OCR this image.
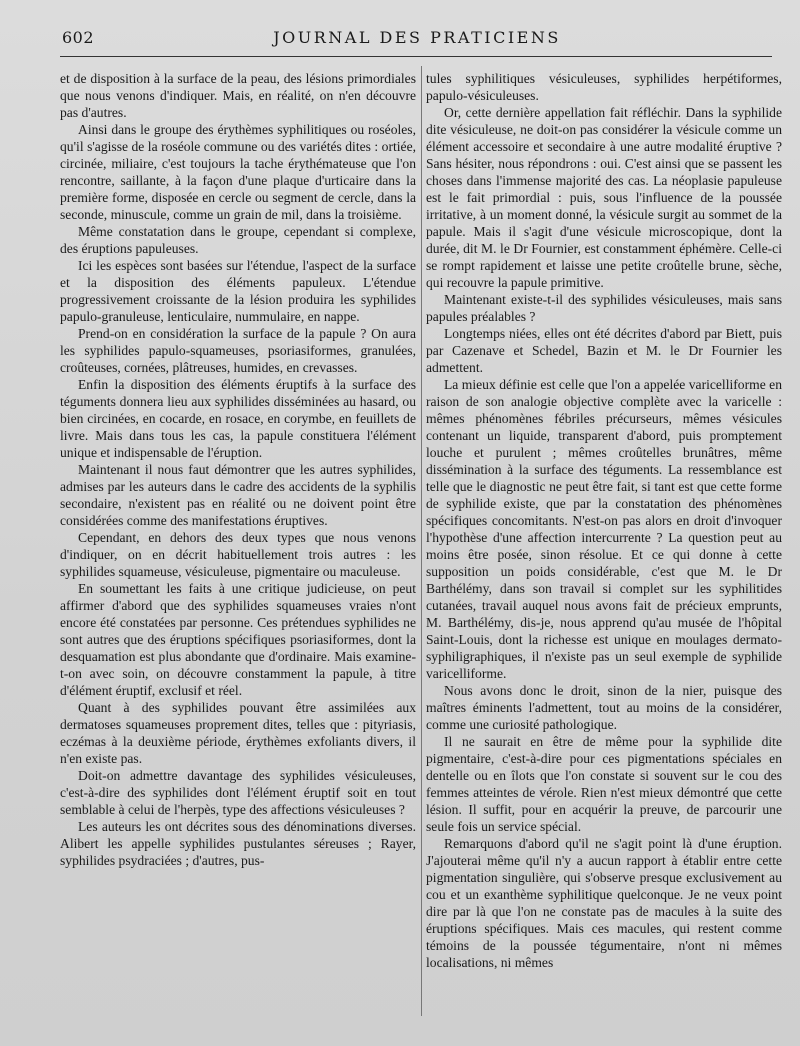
602	JOURNAL DES PRATICIENS

et de disposition à la surface de la peau, des lésions primordiales que nous venons d'indiquer. Mais, en réalité, on n'en découvre pas d'autres.

Ainsi dans le groupe des érythèmes syphilitiques ou roséoles, qu'il s'agisse de la roséole commune ou des variétés dites : ortiée, circinée, miliaire, c'est toujours la tache érythémateuse que l'on rencontre, saillante, à la façon d'une plaque d'urticaire dans la première forme, disposée en cercle ou segment de cercle, dans la seconde, minuscule, comme un grain de mil, dans la troisième.

Même constatation dans le groupe, cependant si complexe, des éruptions papuleuses.

Ici les espèces sont basées sur l'étendue, l'aspect de la surface et la disposition des éléments papuleux. L'étendue progressivement croissante de la lésion produira les syphilides papulo-granuleuse, lenticulaire, nummulaire, en nappe.

Prend-on en considération la surface de la papule ? On aura les syphilides papulo-squameuses, psoriasiformes, granulées, croûteuses, cornées, plâtreuses, humides, en crevasses.

Enfin la disposition des éléments éruptifs à la surface des téguments donnera lieu aux syphilides disséminées au hasard, ou bien circinées, en cocarde, en rosace, en corymbe, en feuillets de livre. Mais dans tous les cas, la papule constituera l'élément unique et indispensable de l'éruption.

Maintenant il nous faut démontrer que les autres syphilides, admises par les auteurs dans le cadre des accidents de la syphilis secondaire, n'existent pas en réalité ou ne doivent point être considérées comme des manifestations éruptives.

Cependant, en dehors des deux types que nous venons d'indiquer, on en décrit habituellement trois autres : les syphilides squameuse, vésiculeuse, pigmentaire ou maculeuse.

En soumettant les faits à une critique judicieuse, on peut affirmer d'abord que des syphilides squameuses vraies n'ont encore été constatées par personne. Ces prétendues syphilides ne sont autres que des éruptions spécifiques psoriasiformes, dont la desquamation est plus abondante que d'ordinaire. Mais examine-t-on avec soin, on découvre constamment la papule, à titre d'élément éruptif, exclusif et réel.

Quant à des syphilides pouvant être assimilées aux dermatoses squameuses proprement dites, telles que : pityriasis, eczémas à la deuxième période, érythèmes exfoliants divers, il n'en existe pas.

Doit-on admettre davantage des syphilides vésiculeuses, c'est-à-dire des syphilides dont l'élément éruptif soit en tout semblable à celui de l'herpès, type des affections vésiculeuses ?

Les auteurs les ont décrites sous des dénominations diverses. Alibert les appelle syphilides pustulantes séreuses ; Rayer, syphilides psydraciées ; d'autres, pus-

tules syphilitiques vésiculeuses, syphilides herpétiformes, papulo-vésiculeuses.

Or, cette dernière appellation fait réfléchir. Dans la syphilide dite vésiculeuse, ne doit-on pas considérer la vésicule comme un élément accessoire et secondaire à une autre modalité éruptive ? Sans hésiter, nous répondrons : oui. C'est ainsi que se passent les choses dans l'immense majorité des cas. La néoplasie papuleuse est le fait primordial : puis, sous l'influence de la poussée irritative, à un moment donné, la vésicule surgit au sommet de la papule. Mais il s'agit d'une vésicule microscopique, dont la durée, dit M. le Dr Fournier, est constamment éphémère. Celle-ci se rompt rapidement et laisse une petite croûtelle brune, sèche, qui recouvre la papule primitive.

Maintenant existe-t-il des syphilides vésiculeuses, mais sans papules préalables ?

Longtemps niées, elles ont été décrites d'abord par Biett, puis par Cazenave et Schedel, Bazin et M. le Dr Fournier les admettent.

La mieux définie est celle que l'on a appelée varicelliforme en raison de son analogie objective complète avec la varicelle : mêmes phénomènes fébriles précurseurs, mêmes vésicules contenant un liquide, transparent d'abord, puis promptement louche et purulent ; mêmes croûtelles brunâtres, même dissémination à la surface des téguments. La ressemblance est telle que le diagnostic ne peut être fait, si tant est que cette forme de syphilide existe, que par la constatation des phénomènes spécifiques concomitants. N'est-on pas alors en droit d'invoquer l'hypothèse d'une affection intercurrente ? La question peut au moins être posée, sinon résolue. Et ce qui donne à cette supposition un poids considérable, c'est que M. le Dr Barthélémy, dans son travail si complet sur les syphilitides cutanées, travail auquel nous avons fait de précieux emprunts, M. Barthélémy, dis-je, nous apprend qu'au musée de l'hôpital Saint-Louis, dont la richesse est unique en moulages dermato-syphiligraphiques, il n'existe pas un seul exemple de syphilide varicelliforme.

Nous avons donc le droit, sinon de la nier, puisque des maîtres éminents l'admettent, tout au moins de la considérer, comme une curiosité pathologique.

Il ne saurait en être de même pour la syphilide dite pigmentaire, c'est-à-dire pour ces pigmentations spéciales en dentelle ou en îlots que l'on constate si souvent sur le cou des femmes atteintes de vérole. Rien n'est mieux démontré que cette lésion. Il suffit, pour en acquérir la preuve, de parcourir une seule fois un service spécial.

Remarquons d'abord qu'il ne s'agit point là d'une éruption. J'ajouterai même qu'il n'y a aucun rapport à établir entre cette pigmentation singulière, qui s'observe presque exclusivement au cou et un exanthème syphilitique quelconque. Je ne veux point dire par là que l'on ne constate pas de macules à la suite des éruptions spécifiques. Mais ces macules, qui restent comme témoins de la poussée tégumentaire, n'ont ni mêmes localisations, ni mêmes
